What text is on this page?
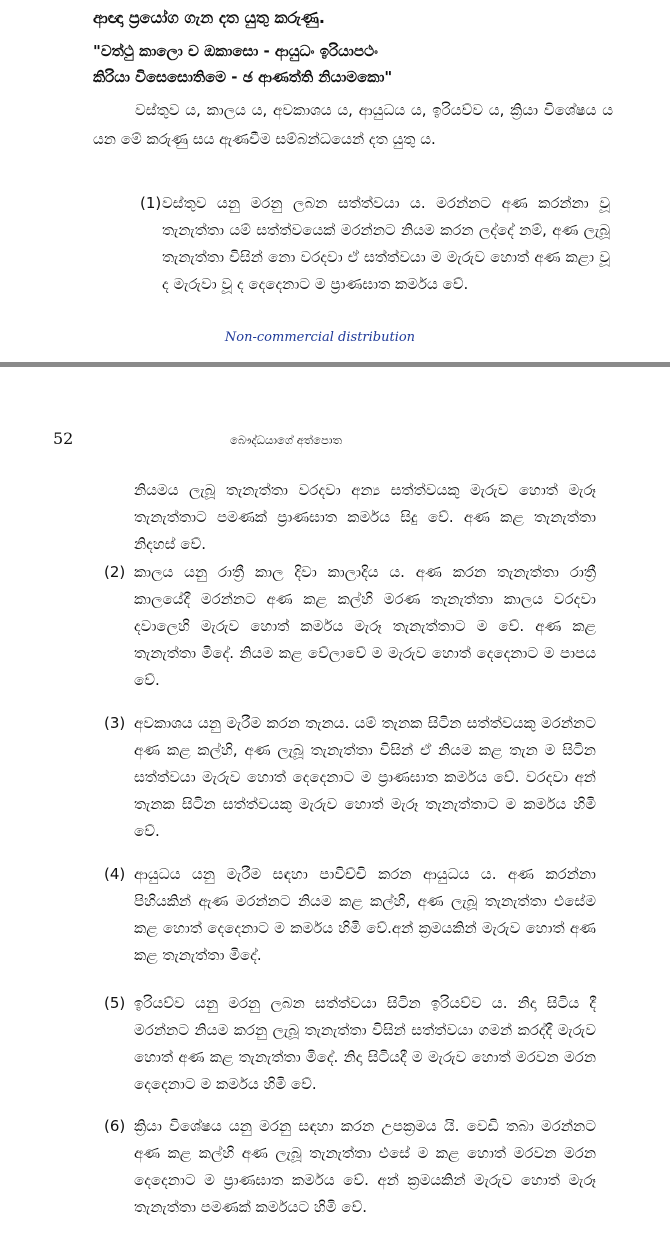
ආඥා ප්‍රයෝග ගැන දත යුතු කරුණු.
"වත්ථු කාලො ච ඔකාසො - ආයුධං ඉරියාපථං
කිරියා විසෙසොතිමෙ - ඡ ආණත්ති නියාමකො"
වස්තුව ය, කාලය ය, අවකාශය ය, ආයුධය ය, ඉරියව්ව ය, ක්‍රියා විශේෂය ය යන මේ කරුණු සය ඇණවීම සම්බන්ධයෙන් දත යුතු ය.
(1) වස්තුව යනු මරනු ලබන සත්ත්වයා ය. මරන්නට අණ කරන්නා වූ තැනැත්තා යම් සත්ත්වයෙක් මරන්නට නියම කරන ලද්දේ නම්, අණ ලැබූ තැනැත්තා විසින් නො වරදවා ඒ සත්ත්වයා ම මැරුව හොත් අණ කළා වූ ද මැරුවා වූ ද දෙදෙනාට ම ප්‍රාණඝාත කර්මය වේ.
Non-commercial distribution
52	බෞද්ධයාගේ අත්පොත
නියමය ලැබූ තැනැත්තා වරදවා අන්‍ය සත්ත්වයකු මැරුව හොත් මැරූ තැනැත්තාට පමණක් ප්‍රාණඝාත කර්මය සිදු වේ. අණ කළ තැනැත්තා නිදහස් වේ.
(2) කාලය යනු රාත්‍රී කාල දිවා කාලාදිය ය. අණ කරන තැනැත්තා රාත්‍රී කාලයේදී මරන්නට අණ කළ කල්හි මරණ තැනැත්තා කාලය වරදවා දවාලෙහි මැරුව හොත් කර්මය මැරූ තැනැත්තාට ම වේ. අණ කළ තැනැත්තා මිදේ. නියම කළ වේලාවේ ම මැරුව හොත් දෙදෙනාට ම පාපය වේ.
(3) අවකාශය යනු මැරීම කරන තැනය. යම් තැනක සිටින සත්ත්වයකු මරන්නට අණ කළ කල්හි, අණ ලැබූ තැනැත්තා විසින් ඒ නියම කළ තැන ම සිටින සත්ත්වයා මැරුව හොත් දෙදෙනාට ම ප්‍රාණඝාත කර්මය වේ. වරදවා අන් තැනක සිටින සත්ත්වයකු මැරුව හොත් මැරූ තැනැත්තාට ම කර්මය හිමි වේ.
(4) ආයුධය යනු මැරීම සඳහා පාවිච්චි කරන ආයුධය ය. අණ කරන්නා පිහියකින් ඇණ මරන්නට නියම කළ කල්හි, අණ ලැබූ තැනැත්තා එසේම කළ හොත් දෙදෙනාට ම කර්මය හිමි වේ.අන් ක්‍රමයකින් මැරුව හොත් අණ කළ තැනැත්තා මිදේ.
(5) ඉරියව්ව යනු මරනු ලබන සත්ත්වයා සිටින ඉරියව්ව ය. නිදා සිටිය දී මරන්නට නියම කරනු ලැබූ තැනැත්තා විසින් සත්ත්වයා ගමන් කරද්දී මැරුව හොත් අණ කළ තැනැත්තා මිදේ. නිදා සිටියදී ම මැරුව හොත් මරවන මරන දෙදෙනාට ම කර්මය හිමි වේ.
(6) ක්‍රියා විශේෂය යනු මරනු සඳහා කරන උපක්‍රමය යි. වෙඩි තබා මරන්නට අණ කළ කල්හි අණ ලැබූ තැනැත්තා එසේ ම කළ හොත් මරවන මරන දෙදෙනාට ම ප්‍රාණඝාත කර්මය වේ. අන් ක්‍රමයකින් මැරුව හොත් මැරූ තැනැත්තා පමණක් කර්මයට හිමි වේ.
